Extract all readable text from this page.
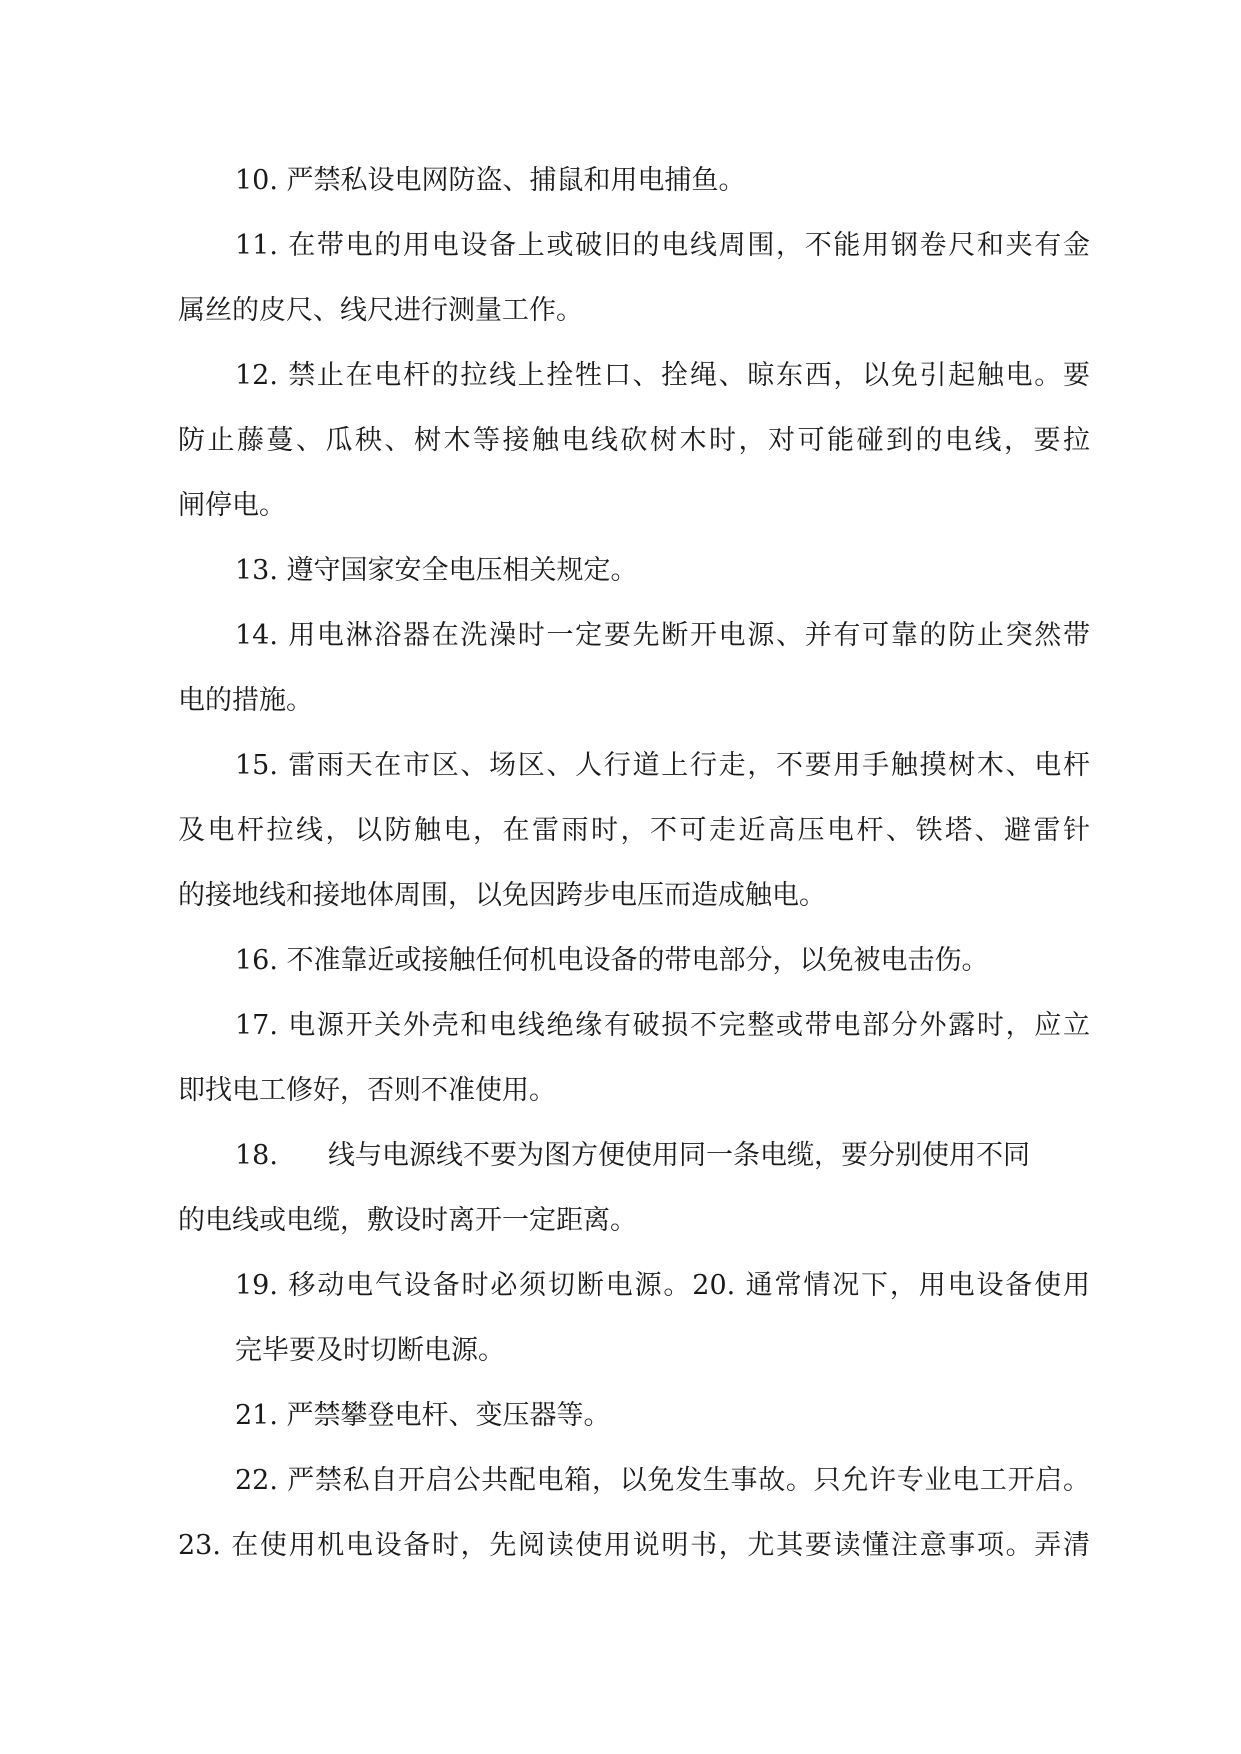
10. 严禁私设电网防盗、捕鼠和用电捕鱼。
11. 在带电的用电设备上或破旧的电线周围，不能用钢卷尺和夹有金
属丝的皮尺、线尺进行测量工作。
12. 禁止在电杆的拉线上拴牲口、拴绳、晾东西，以免引起触电。要
防止藤蔓、瓜秧、树木等接触电线砍树木时，对可能碰到的电线，要拉
闸停电。
13. 遵守国家安全电压相关规定。
14. 用电淋浴器在洗澡时一定要先断开电源、并有可靠的防止突然带
电的措施。
15. 雷雨天在市区、场区、人行道上行走，不要用手触摸树木、电杆
及电杆拉线，以防触电，在雷雨时，不可走近高压电杆、铁塔、避雷针
的接地线和接地体周围，以免因跨步电压而造成触电。
16. 不准靠近或接触任何机电设备的带电部分，以免被电击伤。
17. 电源开关外壳和电线绝缘有破损不完整或带电部分外露时，应立
即找电工修好，否则不准使用。
18. 线与电源线不要为图方便使用同一条电缆，要分别使用不同
的电线或电缆，敷设时离开一定距离。
19. 移动电气设备时必须切断电源。20. 通常情况下，用电设备使用
完毕要及时切断电源。
21. 严禁攀登电杆、变压器等。
22. 严禁私自开启公共配电箱，以免发生事故。只允许专业电工开启。
23. 在使用机电设备时，先阅读使用说明书，尤其要读懂注意事项。弄清
